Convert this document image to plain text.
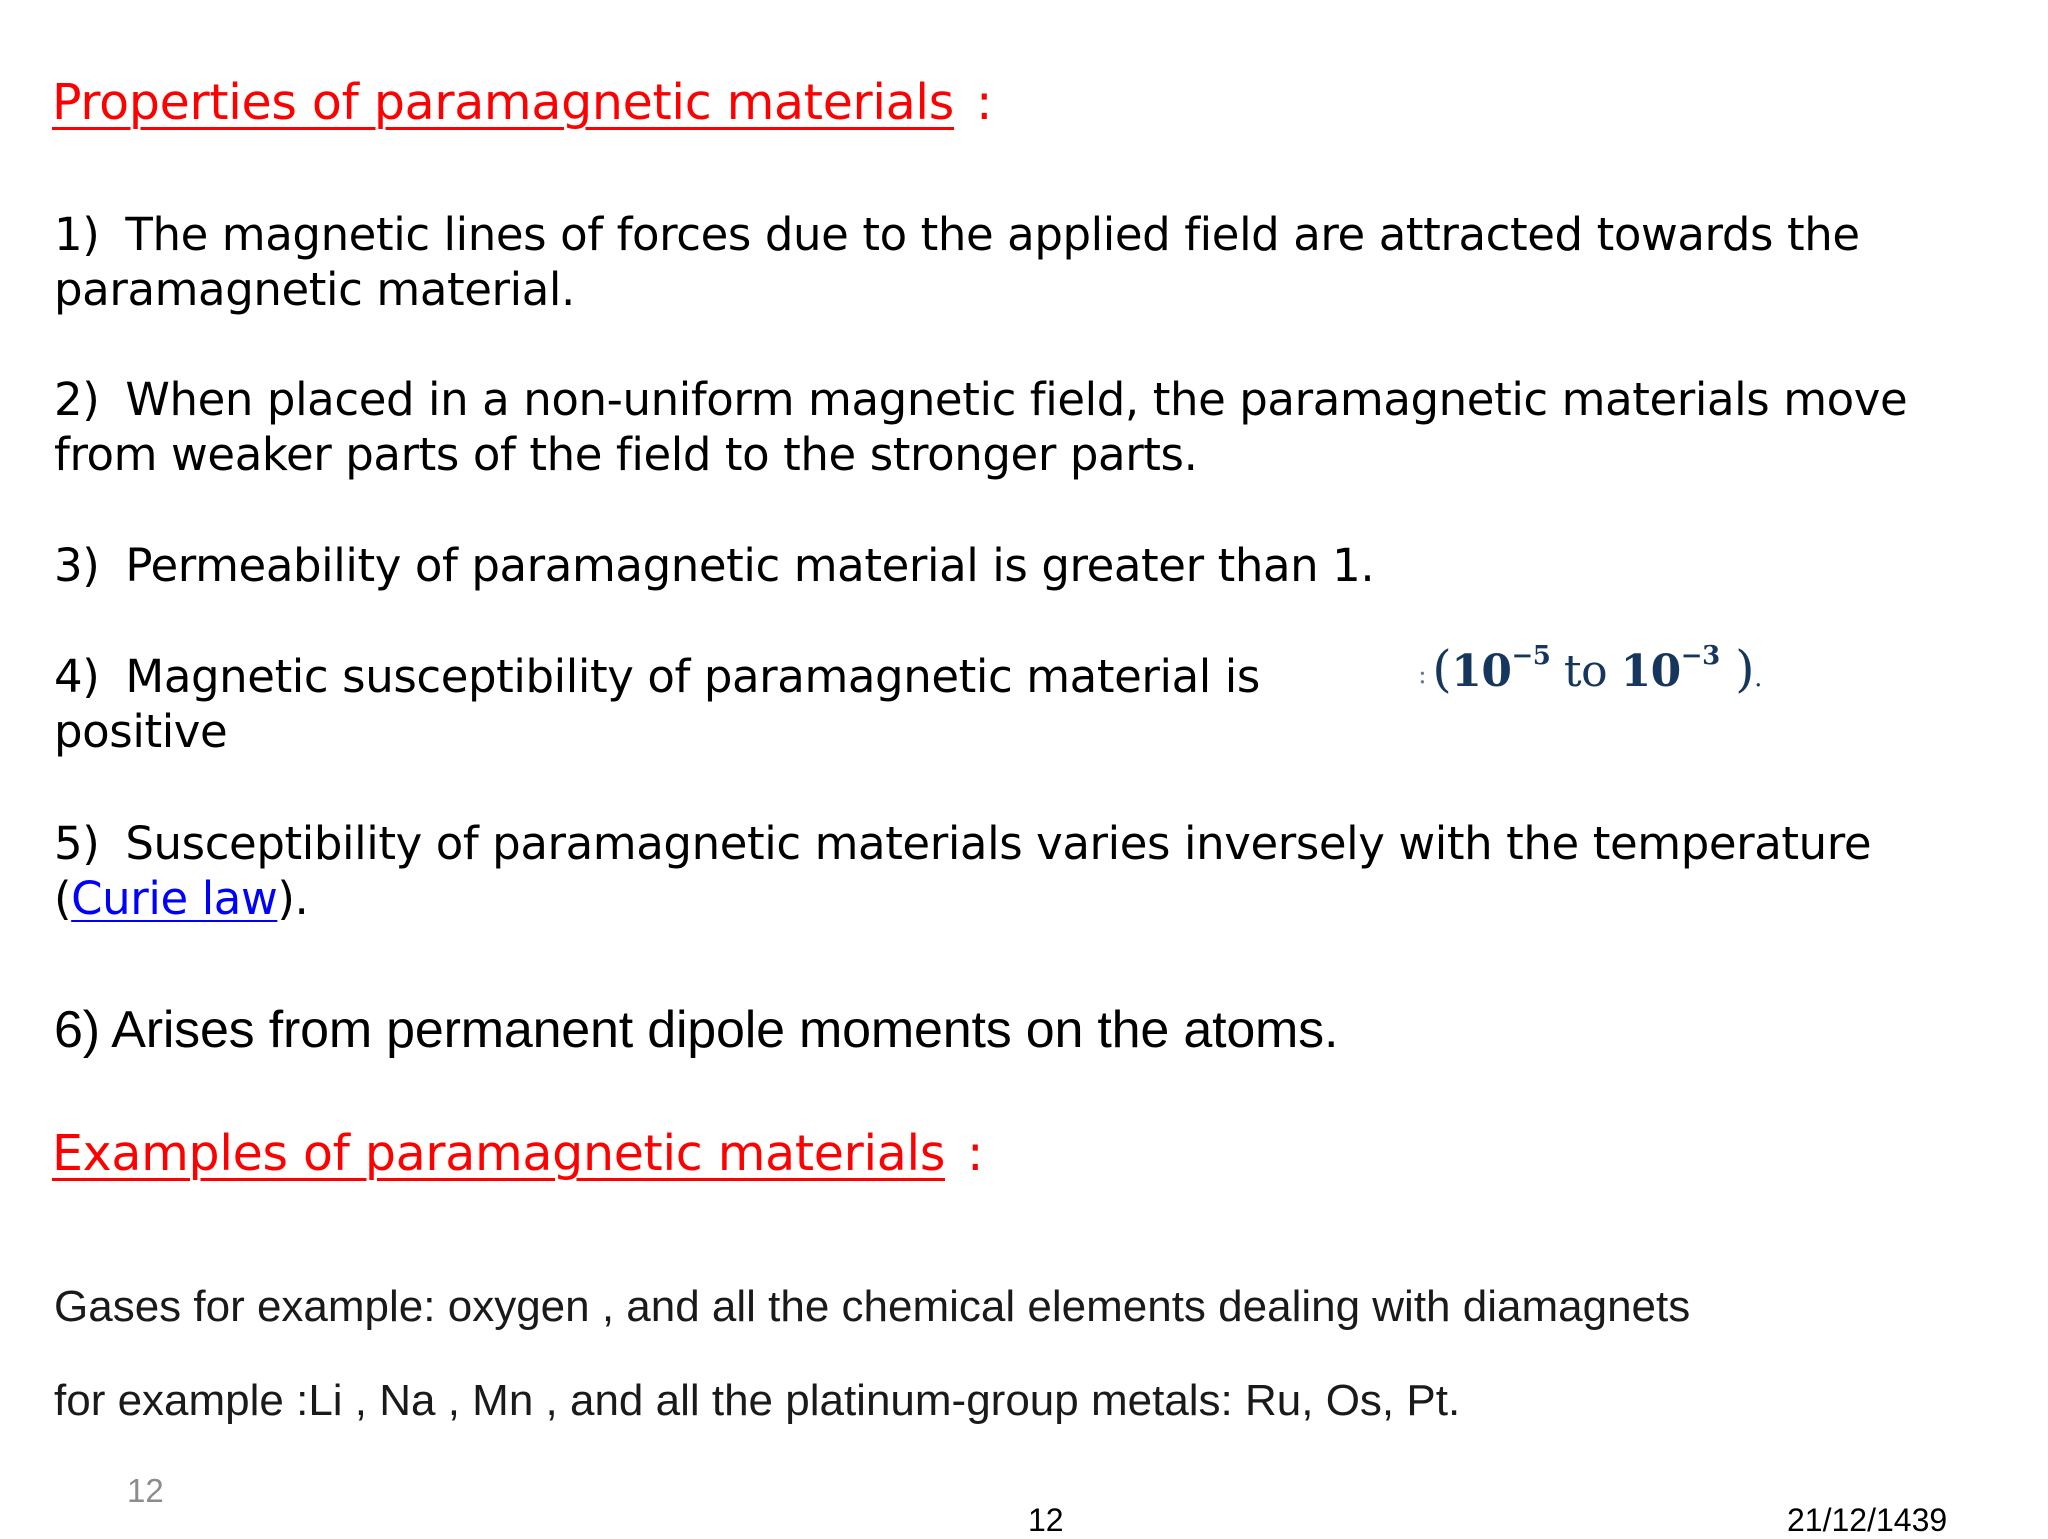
Properties of paramagnetic materials :
1) The magnetic lines of forces due to the applied field are attracted towards the
paramagnetic material.
2) When placed in a non-uniform magnetic field, the paramagnetic materials move
from weaker parts of the field to the stronger parts.
3) Permeability of paramagnetic material is greater than 1.
4) Magnetic susceptibility of paramagnetic material is
positive
: ($10^{-5}$ to $10^{-3}$ ).
5) Susceptibility of paramagnetic materials varies inversely with the temperature
(Curie law).
6) Arises from permanent dipole moments on the atoms.
Examples of paramagnetic materials :
Gases for example: oxygen , and all the chemical elements dealing with diamagnets
for example :Li , Na , Mn , and all the platinum-group metals: Ru, Os, Pt.
12
12	21/12/1439
